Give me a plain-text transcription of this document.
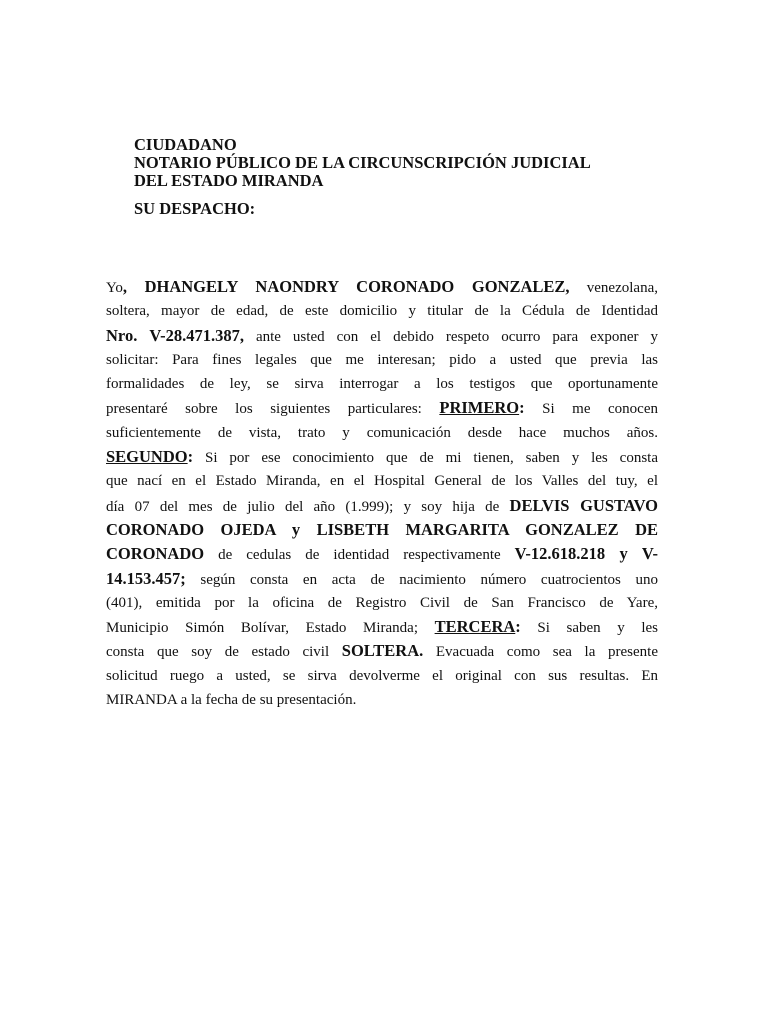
CIUDADANO
NOTARIO PÚBLICO DE LA CIRCUNSCRIPCIÓN JUDICIAL
DEL ESTADO MIRANDA
SU DESPACHO:
Yo, DHANGELY NAONDRY CORONADO GONZALEZ, venezolana,
soltera, mayor de edad, de este domicilio y titular de la Cédula de Identidad
Nro. V-28.471.387, ante usted con el debido respeto ocurro para exponer y
solicitar: Para fines legales que me interesan; pido a usted que previa las
formalidades de ley, se sirva interrogar a los testigos que oportunamente
presentaré sobre los siguientes particulares: PRIMERO: Si me conocen
suficientemente de vista, trato y comunicación desde hace muchos años.
SEGUNDO: Si por ese conocimiento que de mi tienen, saben y les consta
que nací en el Estado Miranda, en el Hospital General de los Valles del tuy, el
día 07 del mes de julio del año (1.999); y soy hija de DELVIS GUSTAVO
CORONADO OJEDA y LISBETH MARGARITA GONZALEZ DE
CORONADO de cedulas de identidad respectivamente V-12.618.218 y V-
14.153.457; según consta en acta de nacimiento número cuatrocientos uno
(401), emitida por la oficina de Registro Civil de San Francisco de Yare,
Municipio Simón Bolívar, Estado Miranda; TERCERA: Si saben y les
consta que soy de estado civil SOLTERA. Evacuada como sea la presente
solicitud ruego a usted, se sirva devolverme el original con sus resultas. En
MIRANDA a la fecha de su presentación.
